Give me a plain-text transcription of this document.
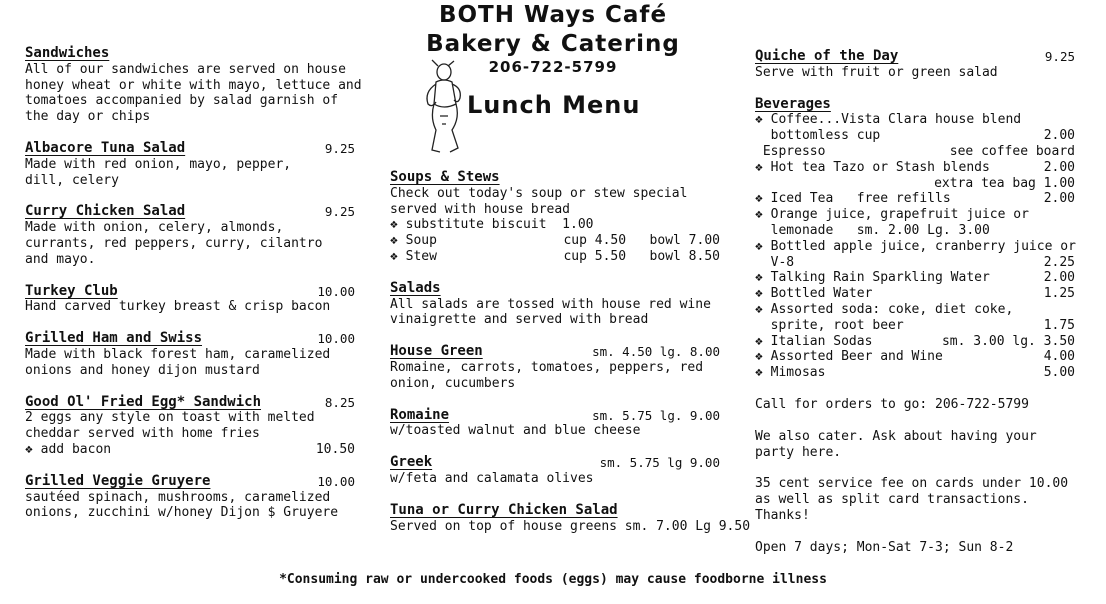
BOTH Ways Café
Bakery & Catering
206-722-5799
Lunch Menu
Sandwiches
All of our sandwiches are served on house
honey wheat or white with mayo, lettuce and
tomatoes accompanied by salad garnish of
the day or chips
Albacore Tuna Salad	9.25
Made with red onion, mayo, pepper,
dill, celery
Curry Chicken Salad	9.25
Made with onion, celery, almonds,
currants, red peppers, curry, cilantro
and mayo.
Turkey Club	10.00
Hand carved turkey breast & crisp bacon
Grilled Ham and Swiss	10.00
Made with black forest ham, caramelized
onions and honey dijon mustard
Good Ol' Fried Egg* Sandwich	8.25
2 eggs any style on toast with melted
cheddar served with home fries
❖ add bacon	10.50
Grilled Veggie Gruyere	10.00
sautéed spinach, mushrooms, caramelized
onions, zucchini w/honey Dijon $ Gruyere
Soups & Stews
Check out today's soup or stew special
served with house bread
❖ substitute biscuit  1.00
❖ Soup	cup 4.50   bowl 7.00
❖ Stew	cup 5.50   bowl 8.50
Salads
All salads are tossed with house red wine
vinaigrette and served with bread
House Green	sm. 4.50 lg. 8.00
Romaine, carrots, tomatoes, peppers, red
onion, cucumbers
Romaine	sm. 5.75 lg. 9.00
w/toasted walnut and blue cheese
Greek	sm. 5.75 lg 9.00
w/feta and calamata olives
Tuna or Curry Chicken Salad
Served on top of house greens sm. 7.00 Lg 9.50
Quiche of the Day	9.25
Serve with fruit or green salad
Beverages
❖ Coffee...Vista Clara house blend
bottomless cup	2.00
Espresso	see coffee board
❖ Hot tea Tazo or Stash blends	2.00
extra tea bag 1.00
❖ Iced Tea   free refills	2.00
❖ Orange juice, grapefruit juice or
lemonade   sm. 2.00 Lg. 3.00
❖ Bottled apple juice, cranberry juice or
V-8	2.25
❖ Talking Rain Sparkling Water	2.00
❖ Bottled Water	1.25
❖ Assorted soda: coke, diet coke,
sprite, root beer	1.75
❖ Italian Sodas	sm. 3.00 lg. 3.50
❖ Assorted Beer and Wine	4.00
❖ Mimosas	5.00
Call for orders to go: 206-722-5799
We also cater. Ask about having your party here.
35 cent service fee on cards under 10.00 as well as split card transactions. Thanks!
Open 7 days; Mon-Sat 7-3; Sun 8-2
*Consuming raw or undercooked foods (eggs) may cause foodborne illness
